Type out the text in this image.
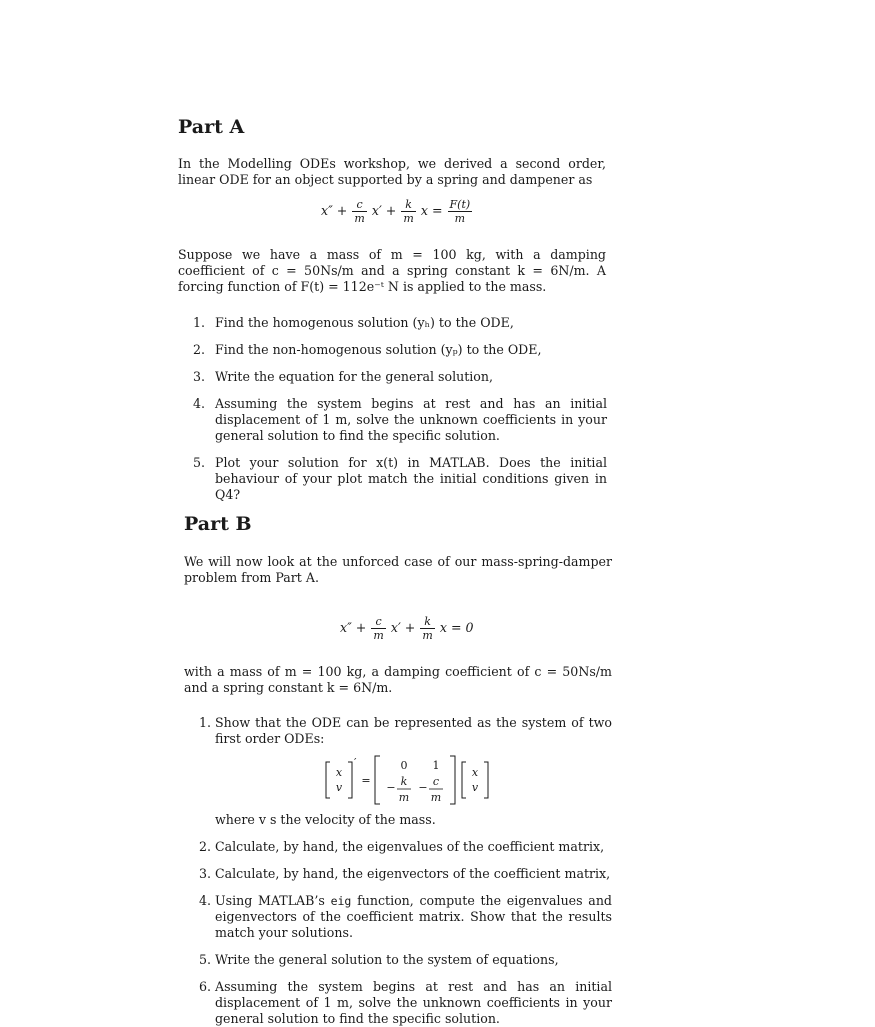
Part A

In the Modelling ODEs workshop, we derived a second order, linear ODE for an object supported by a spring and dampener as

$x'' + \frac{c}{m} x' + \frac{k}{m}$ $x = \frac{F(t)}{m}$

Suppose we have a mass of m = 100 kg, with a damping coefficient of c = 50Ns/m and a spring constant k = 6N/m. A forcing function of F(t) = 112e⁻ᵗ N is applied to the mass.

1. Find the homogenous solution (yₕ) to the ODE,
2. Find the non-homogenous solution (yₚ) to the ODE,
3. Write the equation for the general solution,
4. Assuming the system begins at rest and has an initial displacement of 1 m, solve the unknown coefficients in your general solution to find the specific solution.
5. Plot your solution for x(t) in MATLAB. Does the initial behaviour of your plot match the initial conditions given in Q4?
Part B

We will now look at the unforced case of our mass-spring-damper problem from Part A.

$x'' + \frac{c}{m} x' + \frac{k}{m}$ x = 0

with a mass of m = 100 kg, a damping coefficient of c = 50Ns/m and a spring constant k = 6N/m.

1. Show that the ODE can be represented as the system of two first order ODEs:
x
v
′
=
0 1
− k
m
− c
m
x
v

where v s the velocity of the mass.

2. Calculate, by hand, the eigenvalues of the coefficient matrix,
3. Calculate, by hand, the eigenvectors of the coefficient matrix,
4. Using MATLAB’s eig function, compute the eigenvalues and eigenvectors of the coefficient matrix. Show that the results match your solutions.
5. Write the general solution to the system of equations,
6. Assuming the system begins at rest and has an initial displacement of 1 m, solve the unknown coefficients in your general solution to find the specific solution.
